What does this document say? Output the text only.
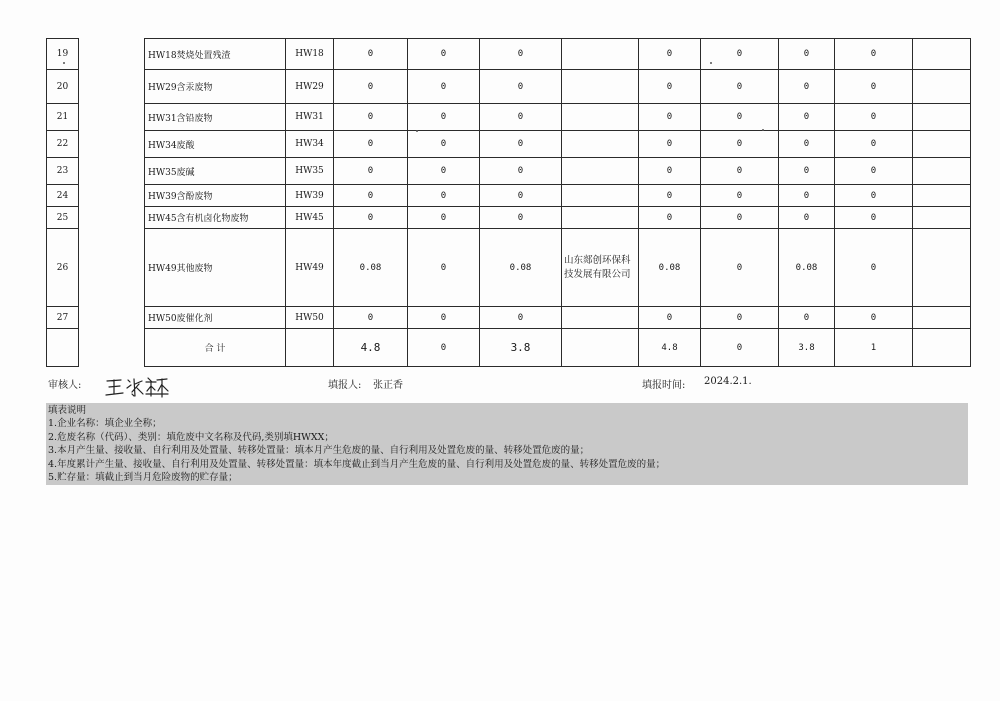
19		HW18焚烧处置残渣	HW18	0	0	0		0	0	0	0	
20		HW29含汞废物	HW29	0	0	0		0	0	0	0	
21		HW31含铅废物	HW31	0	0	0		0	0	0	0	
22		HW34废酸	HW34	0	0	0		0	0	0	0	
23		HW35废碱	HW35	0	0	0		0	0	0	0	
24		HW39含酚废物	HW39	0	0	0		0	0	0	0	
25		HW45含有机卤化物废物	HW45	0	0	0		0	0	0	0	
26		HW49其他废物	HW49	0.08	0	0.08	山东郯创环保科技发展有限公司	0.08	0	0.08	0	
27		HW50废催化剂	HW50	0	0	0		0	0	0	0	
		合 计		4.8	0	3.8		4.8	0	3.8	1	
审核人:	填报人: 张正香	填报时间: 2024.2.1.
填表说明
1.企业名称：填企业全称；
2.危废名称（代码）、类别：填危废中文名称及代码,类别填HWXX；
3.本月产生量、接收量、自行利用及处置量、转移处置量：填本月产生危废的量、自行利用及处置危废的量、转移处置危废的量；
4.年度累计产生量、接收量、自行利用及处置量、转移处置量：填本年度截止到当月产生危废的量、自行利用及处置危废的量、转移处置危废的量；
5.贮存量：填截止到当月危险废物的贮存量；
